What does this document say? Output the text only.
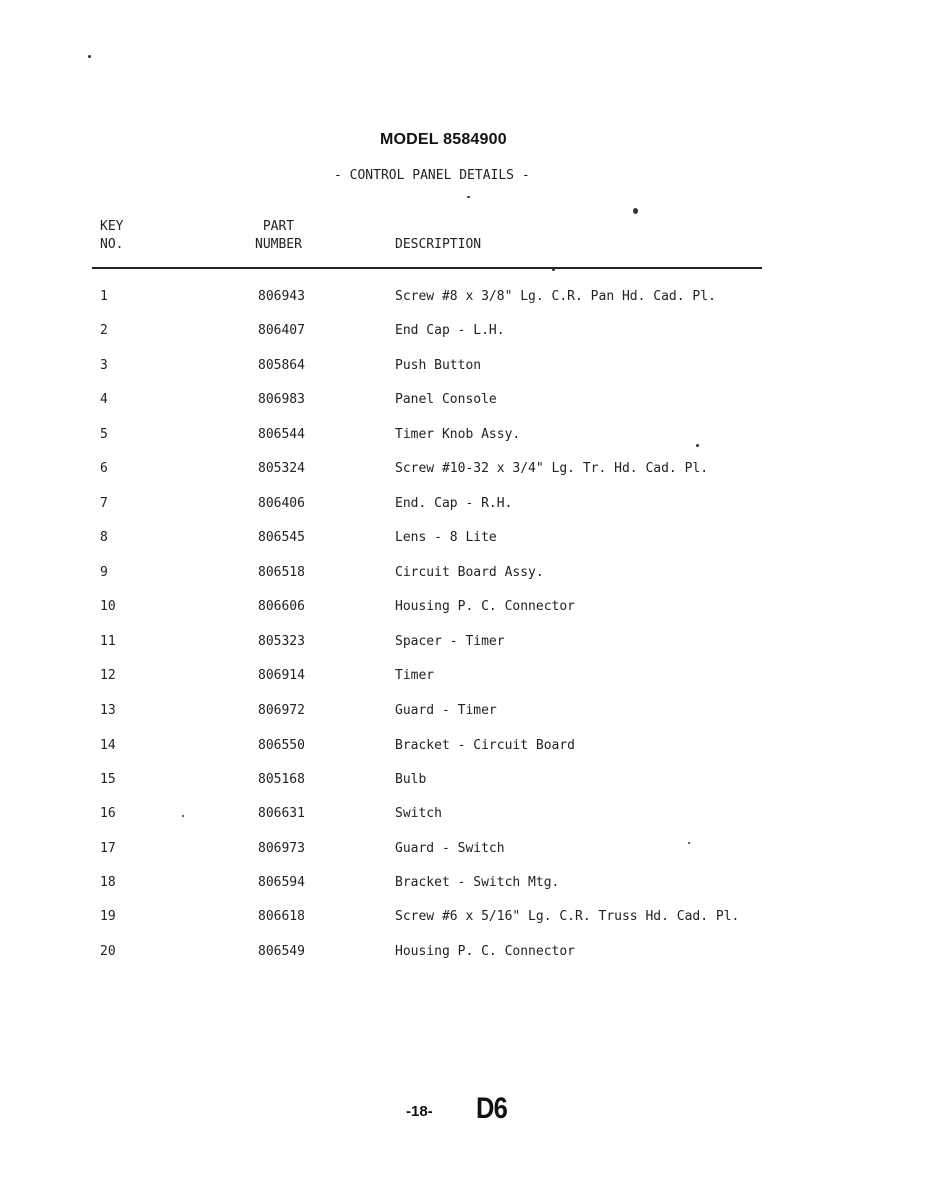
MODEL 8584900
- CONTROL PANEL DETAILS -
KEY
NO.
PART
NUMBER	DESCRIPTION
1	806943	Screw #8 x 3/8" Lg. C.R. Pan Hd. Cad. Pl.
2	806407	End Cap - L.H.
3	805864	Push Button
4	806983	Panel Console
5	806544	Timer Knob Assy.
6	805324	Screw #10-32 x 3/4" Lg. Tr. Hd. Cad. Pl.
7	806406	End. Cap - R.H.
8	806545	Lens - 8 Lite
9	806518	Circuit Board Assy.
10	806606	Housing P. C. Connector
11	805323	Spacer - Timer
12	806914	Timer
13	806972	Guard - Timer
14	806550	Bracket - Circuit Board
15	805168	Bulb
16	806631	Switch
17	806973	Guard - Switch
18	806594	Bracket - Switch Mtg.
19	806618	Screw #6 x 5/16" Lg. C.R. Truss Hd. Cad. Pl.
20	806549	Housing P. C. Connector
-18- D6
